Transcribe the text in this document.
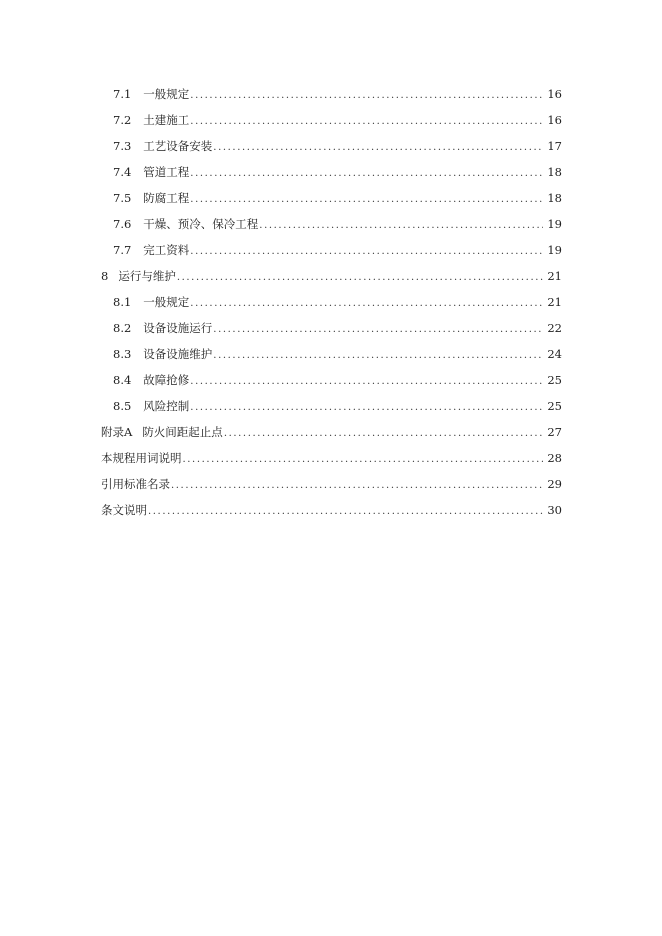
7.1 一般规定 .....	16
7.2 土建施工 .....	16
7.3 工艺设备安装 .....	17
7.4 管道工程 .....	18
7.5 防腐工程 .....	18
7.6 干燥、预冷、保冷工程 .....	19
7.7 完工资料 .....	19
8 运行与维护 .....	21
8.1 一般规定 .....	21
8.2 设备设施运行 .....	22
8.3 设备设施维护 .....	24
8.4 故障抢修 .....	25
8.5 风险控制 .....	25
附录A 防火间距起止点 .....	27
本规程用词说明 .....	28
引用标准名录 .....	29
条文说明 .....	30
